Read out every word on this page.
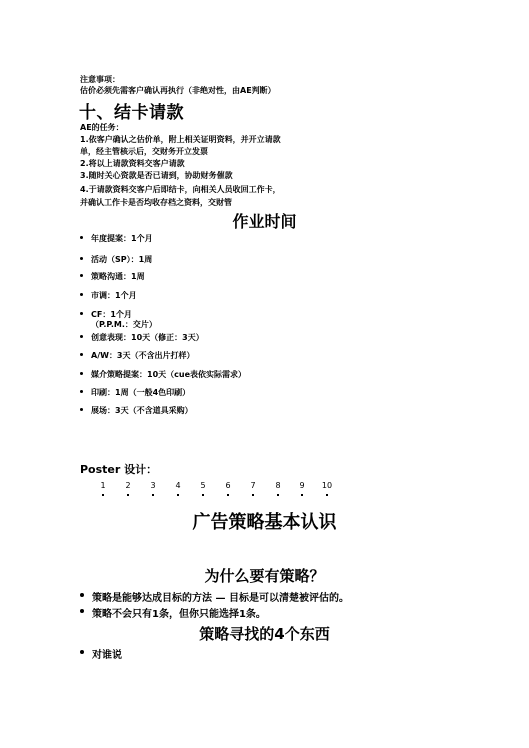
注意事项：
估价必须先需客户确认再执行（非绝对性，由AE判断）
十、结卡请款
AE的任务：
1.依客户确认之估价单，附上相关证明资料，并开立请款
单，经主管核示后，交财务开立发票
2.将以上请款资料交客户请款
3.随时关心资款是否已请到，协助财务催款
4.于请款资料交客户后即结卡，向相关人员收回工作卡，
并确认工作卡是否均收存档之资料，交财管
作业时间
年度提案：1个月
活动（SP）：1周
策略沟通：1周
市调：1个月
CF：1个月
（P.P.M.：交片）
创意表现：10天（修正：3天）
A/W：3天（不含出片打样）
媒介策略提案：10天（cue表依实际需求）
印刷：1周（一般4色印刷）
展场：3天（不含道具采购）
Poster 设计：
1	2	3	4	5	6	7	8	9	10
广告策略基本认识
为什么要有策略？
策略是能够达成目标的方法 — 目标是可以清楚被评估的。
策略不会只有1条，但你只能选择1条。
策略寻找的4个东西
对谁说
